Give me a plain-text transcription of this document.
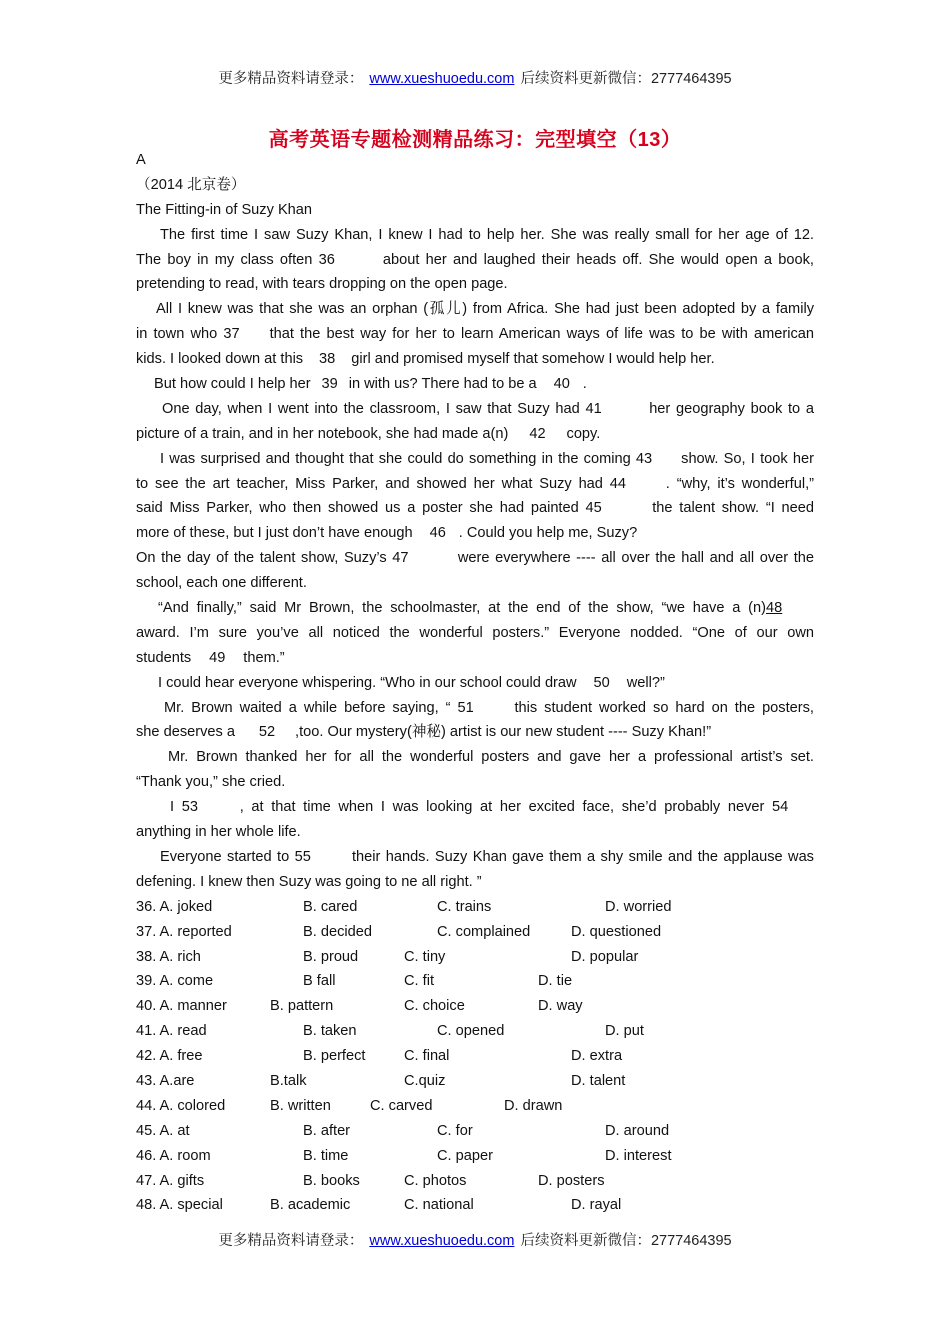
更多精品资料请登录： www.xueshuoedu.com 后续资料更新微信：2777464395
高考英语专题检测精品练习：完型填空（13）
A
（2014 北京卷）
The Fitting-in of Suzy Khan
The first time I saw Suzy Khan, I knew I had to help her. She was really small for her age of 12.
The boy in my class often 36	about her and laughed their heads off. She would open a book,
pretending to read, with tears dropping on the open page.
All I knew was that she was an orphan (孤儿) from Africa. She had just been adopted by a family
in town who 37 that the best way for her to learn American ways of life was to be with american
kids. I looked down at this 38 girl and promised myself that somehow I would help her.
But how could I help her 39 in with us? There had to be a 40 .
One day, when I went into the classroom, I saw that Suzy had 41	her geography book to a
picture of a train, and in her notebook, she had made a(n) 42 copy.
I was surprised and thought that she could do something in the coming 43 show. So, I took her
to see the art teacher, Miss Parker, and showed her what Suzy had 44	. “why, it’s wonderful,”
said Miss Parker, who then showed us a poster she had painted 45	the talent show. “I need
more of these, but I just don’t have enough 46 . Could you help me, Suzy?
On the day of the talent show, Suzy’s 47	were everywhere ---- all over the hall and all over the
school, each one different.
“And finally,” said Mr Brown, the schoolmaster, at the end of the show, “we have a (n)48
award. I’m sure you’ve all noticed the wonderful posters.” Everyone nodded. “One of our own
students 49 them.”
I could hear everyone whispering. “Who in our school could draw 50 well?”
Mr. Brown waited a while before saying, “ 51	this student worked so hard on the posters,
she deserves a 52 ,too. Our mystery(神秘) artist is our new student ---- Suzy Khan!”
Mr. Brown thanked her for all the wonderful posters and gave her a professional artist’s set.
“Thank you,” she cried.
I 53	, at that time when I was looking at her excited face, she’d probably never 54
anything in her whole life.
Everyone started to 55	their hands. Suzy Khan gave them a shy smile and the applause was
defening. I knew then Suzy was going to ne all right. ”
36. A. joked	B. cared	C. trains	D. worried
37. A. reported	B. decided	C. complained	D. questioned
38. A. rich	B. proud	C. tiny	D. popular
39. A. come	B fall	C. fit	D. tie
40. A. manner	B. pattern	C. choice	D. way
41. A. read	B. taken	C. opened	D. put
42. A. free	B. perfect	C. final	D. extra
43. A.are	B.talk	C.quiz	D. talent
44. A. colored	B. written	C. carved	D. drawn
45. A. at	B. after	C. for	D. around
46. A. room	B. time	C. paper	D. interest
47. A. gifts	B. books	C. photos	D. posters
48. A. special	B. academic	C. national	D. rayal
更多精品资料请登录： www.xueshuoedu.com 后续资料更新微信：2777464395
